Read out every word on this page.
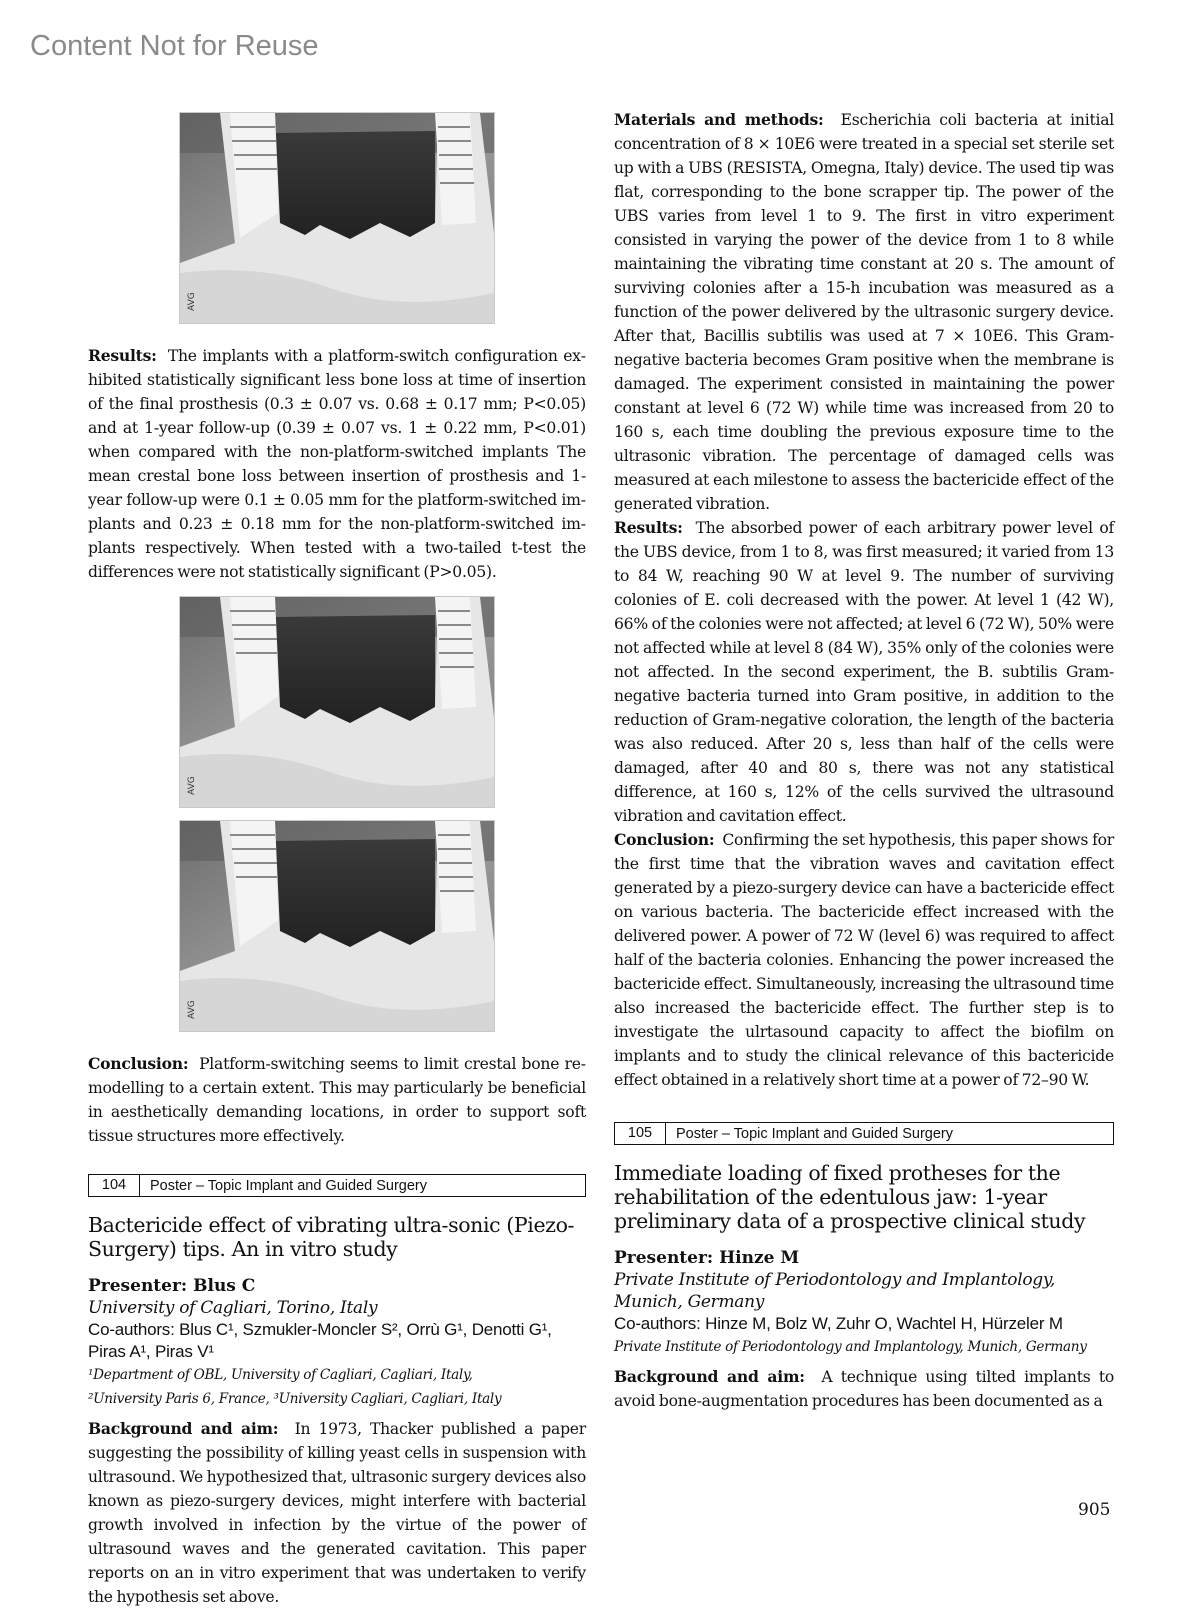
Content Not for Reuse
AVG

Results: The implants with a platform-switch configuration exhibited statistically significant less bone loss at time of insertion of the final prosthesis (0.3 ± 0.07 vs. 0.68 ± 0.17 mm; P<0.05) and at 1-year follow-up (0.39 ± 0.07 vs. 1 ± 0.22 mm, P<0.01) when compared with the non-platform-switched implants The mean crestal bone loss between insertion of prosthesis and 1-year follow-up were 0.1 ± 0.05 mm for the platform-switched implants and 0.23 ± 0.18 mm for the non-platform-switched implants respectively. When tested with a two-tailed t-test the differences were not statistically significant (P>0.05).

AVG
AVG

Conclusion: Platform-switching seems to limit crestal bone remodelling to a certain extent. This may particularly be beneficial in aesthetically demanding locations, in order to support soft tissue structures more effectively.

104	Poster – Topic Implant and Guided Surgery
Bactericide effect of vibrating ultra-sonic (Piezo-Surgery) tips. An in vitro study

Presenter: Blus C

University of Cagliari, Torino, Italy

Co-authors: Blus C¹, Szmukler-Moncler S², Orrù G¹, Denotti G¹, Piras A¹, Piras V¹

¹Department of OBL, University of Cagliari, Cagliari, Italy,

²University Paris 6, France, ³University Cagliari, Cagliari, Italy

Background and aim: In 1973, Thacker published a paper suggesting the possibility of killing yeast cells in suspension with ultrasound. We hypothesized that, ultrasonic surgery devices also known as piezo-surgery devices, might interfere with bacterial growth involved in infection by the virtue of the power of ultrasound waves and the generated cavitation. This paper reports on an in vitro experiment that was undertaken to verify the hypothesis set above.

Materials and methods: Escherichia coli bacteria at initial concentration of 8 × 10E6 were treated in a special set sterile set up with a UBS (RESISTA, Omegna, Italy) device. The used tip was flat, corresponding to the bone scrapper tip. The power of the UBS varies from level 1 to 9. The first in vitro experiment consisted in varying the power of the device from 1 to 8 while maintaining the vibrating time constant at 20 s. The amount of surviving colonies after a 15-h incubation was measured as a function of the power delivered by the ultrasonic surgery device. After that, Bacillis subtilis was used at 7 × 10E6. This Gram-negative bacteria becomes Gram positive when the membrane is damaged. The experiment consisted in maintaining the power constant at level 6 (72 W) while time was increased from 20 to 160 s, each time doubling the previous exposure time to the ultrasonic vibration. The percentage of damaged cells was measured at each milestone to assess the bactericide effect of the generated vibration.

Results: The absorbed power of each arbitrary power level of the UBS device, from 1 to 8, was first measured; it varied from 13 to 84 W, reaching 90 W at level 9. The number of surviving colonies of E. coli decreased with the power. At level 1 (42 W), 66% of the colonies were not affected; at level 6 (72 W), 50% were not affected while at level 8 (84 W), 35% only of the colonies were not affected. In the second experiment, the B. subtilis Gram-negative bacteria turned into Gram positive, in addition to the reduction of Gram-negative coloration, the length of the bacteria was also reduced. After 20 s, less than half of the cells were damaged, after 40 and 80 s, there was not any statistical difference, at 160 s, 12% of the cells survived the ultrasound vibration and cavitation effect.

Conclusion: Confirming the set hypothesis, this paper shows for the first time that the vibration waves and cavitation effect generated by a piezo-surgery device can have a bactericide effect on various bacteria. The bactericide effect increased with the delivered power. A power of 72 W (level 6) was required to affect half of the bacteria colonies. Enhancing the power increased the bactericide effect. Simultaneously, increasing the ultrasound time also increased the bactericide effect. The further step is to investigate the ulrtasound capacity to affect the biofilm on implants and to study the clinical relevance of this bactericide effect obtained in a relatively short time at a power of 72–90 W.

105	Poster – Topic Implant and Guided Surgery
Immediate loading of fixed protheses for the rehabilitation of the edentulous jaw: 1-year preliminary data of a prospective clinical study

Presenter: Hinze M

Private Institute of Periodontology and Implantology, Munich, Germany

Co-authors: Hinze M, Bolz W, Zuhr O, Wachtel H, Hürzeler M

Private Institute of Periodontology and Implantology, Munich, Germany

Background and aim: A technique using tilted implants to avoid bone-augmentation procedures has been documented as a

905
